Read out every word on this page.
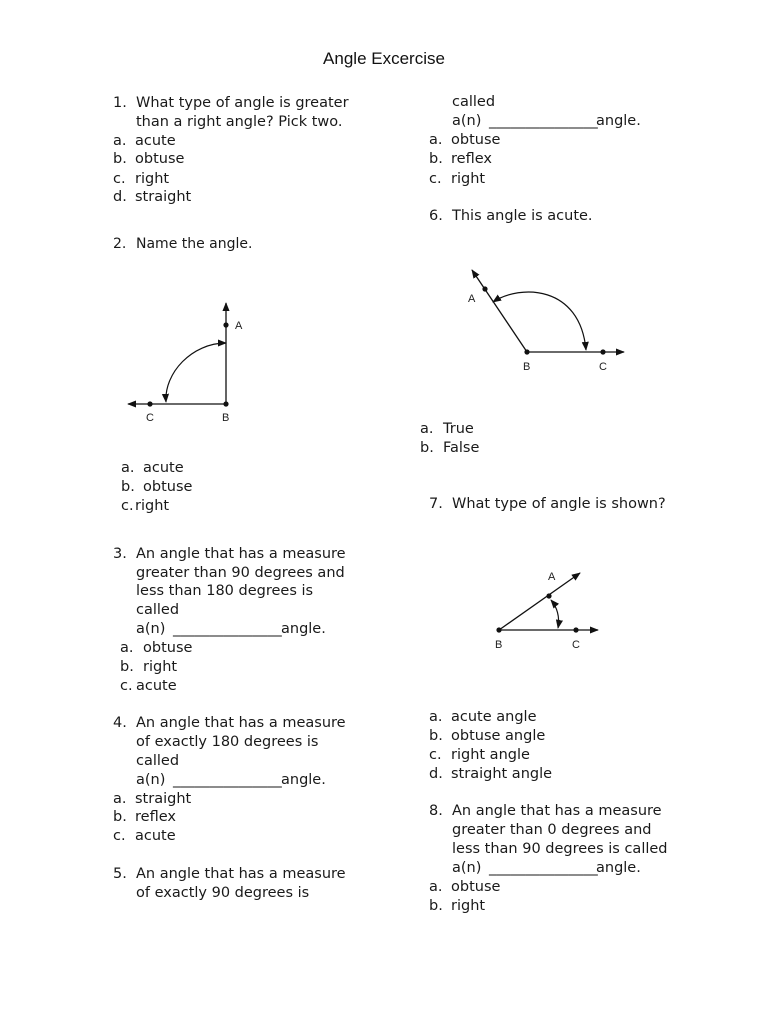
Angle Excercise
1. What type of angle is greater
than a right angle? Pick two.
a. acute
b. obtuse
c. right
d. straight
2. Name the angle.
A
B
C
a. acute
b. obtuse
c. right
3. An angle that has a measure
greater than 90 degrees and
less than 180 degrees is
called
a(n) _______________ angle.
a. obtuse
b. right
c. acute
4. An angle that has a measure
of exactly 180 degrees is
called
a(n) _______________ angle.
a. straight
b. reflex
c. acute
5. An angle that has a measure
of exactly 90 degrees is
called
a(n) _______________
angle.
a. obtuse
b. reflex
c. right
6. This angle is acute.
A
B	C
a. True
b. False
7. What type of angle is shown?
A
B	C
a. acute angle
b. obtuse angle
c. right angle
d. straight angle
8. An angle that has a measure
greater than 0 degrees and
less than 90 degrees is called
a(n) _______________
angle.
a. obtuse
b. right
